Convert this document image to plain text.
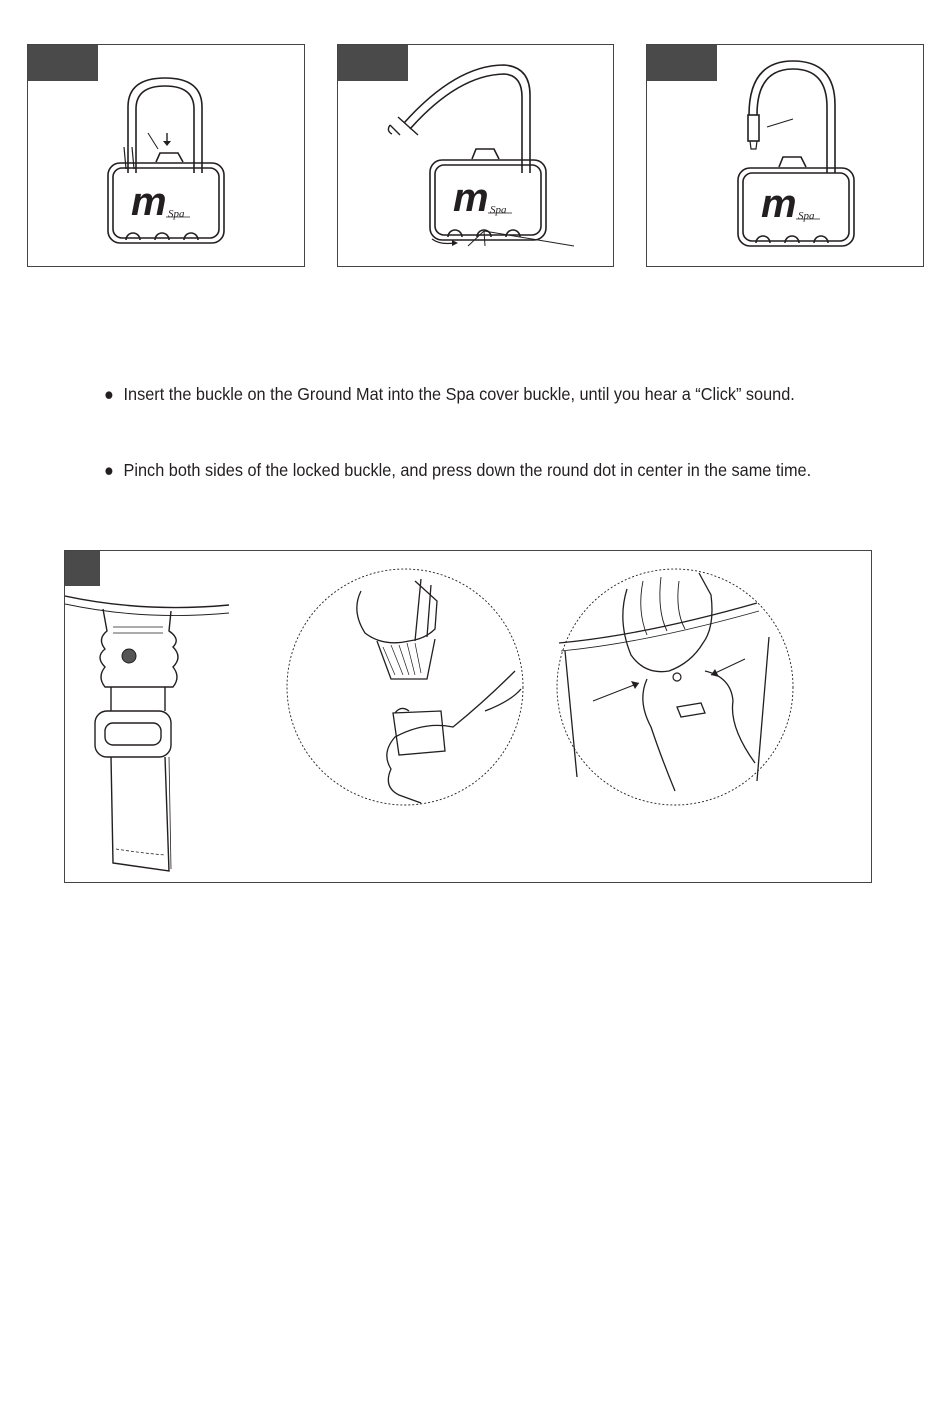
m Spa	m Spa	m Spa
● Insert the buckle on the Ground Mat into the Spa cover buckle, until you hear a “Click” sound.
● Pinch both sides of the locked buckle, and press down the round dot in center in the same time.
